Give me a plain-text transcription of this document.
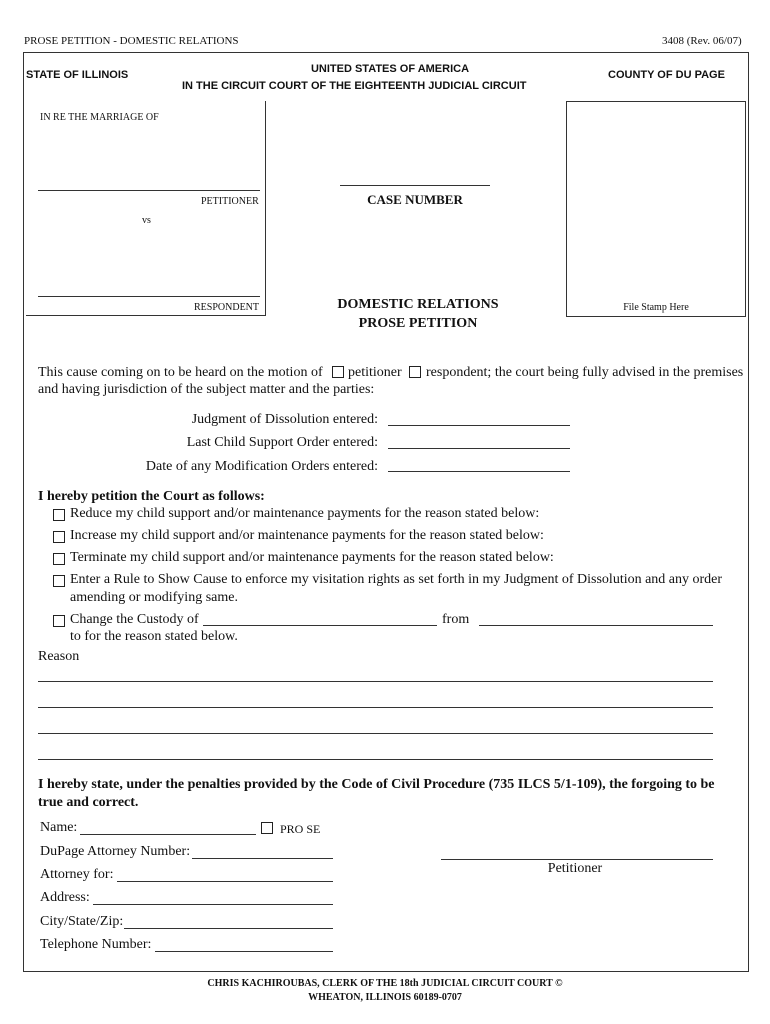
PROSE PETITION - DOMESTIC RELATIONS	3408 (Rev. 06/07)
STATE OF ILLINOIS	UNITED STATES OF AMERICA
IN THE CIRCUIT COURT OF THE EIGHTEENTH JUDICIAL CIRCUIT
COUNTY OF DU PAGE
IN RE THE MARRIAGE OF
PETITIONER
vs
RESPONDENT
CASE NUMBER
DOMESTIC RELATIONS
PROSE PETITION
File Stamp Here
This cause coming on to be heard on the motion of petitioner respondent; the court being fully advised in the premises
and having jurisdiction of the subject matter and the parties:
Judgment of Dissolution entered:
Last Child Support Order entered:
Date of any Modification Orders entered:
I hereby petition the Court as follows:
Reduce my child support and/or maintenance payments for the reason stated below:
Increase my child support and/or maintenance payments for the reason stated below:
Terminate my child support and/or maintenance payments for the reason stated below:
Enter a Rule to Show Cause to enforce my visitation rights as set forth in my Judgment of Dissolution and any order
amending or modifying same.
Change the Custody of	from
to for the reason stated below.
Reason
I hereby state, under the penalties provided by the Code of Civil Procedure (735 ILCS 5/1-109), the forgoing to be
true and correct.
Name:	PRO SE
DuPage Attorney Number:
Attorney for:
Address:
City/State/Zip:
Telephone Number:
Petitioner
CHRIS KACHIROUBAS, CLERK OF THE 18th JUDICIAL CIRCUIT COURT ©
WHEATON, ILLINOIS 60189-0707
